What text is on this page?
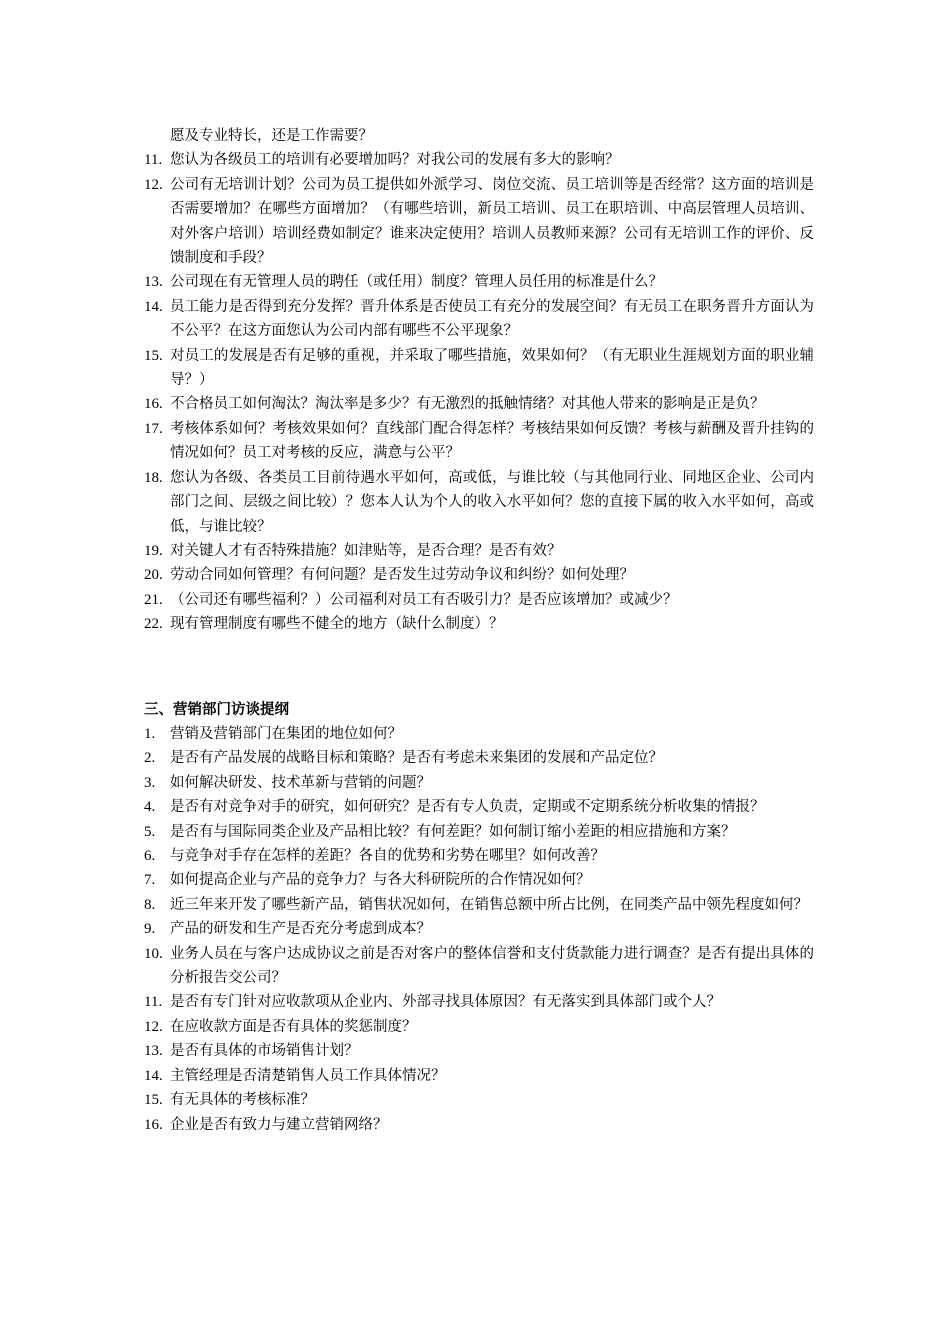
愿及专业特长，还是工作需要？
11. 您认为各级员工的培训有必要增加吗？对我公司的发展有多大的影响？
12. 公司有无培训计划？公司为员工提供如外派学习、岗位交流、员工培训等是否经常？这方面的培训是否需要增加？在哪些方面增加？（有哪些培训，新员工培训、员工在职培训、中高层管理人员培训、对外客户培训）培训经费如制定？谁来决定使用？培训人员教师来源？公司有无培训工作的评价、反馈制度和手段？
13. 公司现在有无管理人员的聘任（或任用）制度？管理人员任用的标准是什么？
14. 员工能力是否得到充分发挥？晋升体系是否使员工有充分的发展空间？有无员工在职务晋升方面认为不公平？在这方面您认为公司内部有哪些不公平现象？
15. 对员工的发展是否有足够的重视，并采取了哪些措施，效果如何？（有无职业生涯规划方面的职业辅导？）
16. 不合格员工如何淘汰？淘汰率是多少？有无激烈的抵触情绪？对其他人带来的影响是正是负？
17. 考核体系如何？考核效果如何？直线部门配合得怎样？考核结果如何反馈？考核与薪酬及晋升挂钩的情况如何？员工对考核的反应，满意与公平？
18. 您认为各级、各类员工目前待遇水平如何，高或低，与谁比较（与其他同行业、同地区企业、公司内部门之间、层级之间比较）？您本人认为个人的收入水平如何？您的直接下属的收入水平如何，高或低，与谁比较？
19. 对关键人才有否特殊措施？如津贴等，是否合理？是否有效？
20. 劳动合同如何管理？有何问题？是否发生过劳动争议和纠纷？如何处理？
21. （公司还有哪些福利？）公司福利对员工有否吸引力？是否应该增加？或减少？
22. 现有管理制度有哪些不健全的地方（缺什么制度）？
三、营销部门访谈提纲
1.	营销及营销部门在集团的地位如何？
2.	是否有产品发展的战略目标和策略？是否有考虑未来集团的发展和产品定位？
3.	如何解决研发、技术革新与营销的问题？
4.	是否有对竞争对手的研究，如何研究？是否有专人负责，定期或不定期系统分析收集的情报？
5.	是否有与国际同类企业及产品相比较？有何差距？如何制订缩小差距的相应措施和方案？
6.	与竞争对手存在怎样的差距？各自的优势和劣势在哪里？如何改善？
7.	如何提高企业与产品的竞争力？与各大科研院所的合作情况如何？
8.	近三年来开发了哪些新产品，销售状况如何，在销售总额中所占比例，在同类产品中领先程度如何？
9.	产品的研发和生产是否充分考虑到成本？
10. 业务人员在与客户达成协议之前是否对客户的整体信誉和支付货款能力进行调查？是否有提出具体的分析报告交公司？
11. 是否有专门针对应收款项从企业内、外部寻找具体原因？有无落实到具体部门或个人？
12. 在应收款方面是否有具体的奖惩制度？
13. 是否有具体的市场销售计划？
14. 主管经理是否清楚销售人员工作具体情况？
15. 有无具体的考核标准？
16. 企业是否有致力与建立营销网络？
